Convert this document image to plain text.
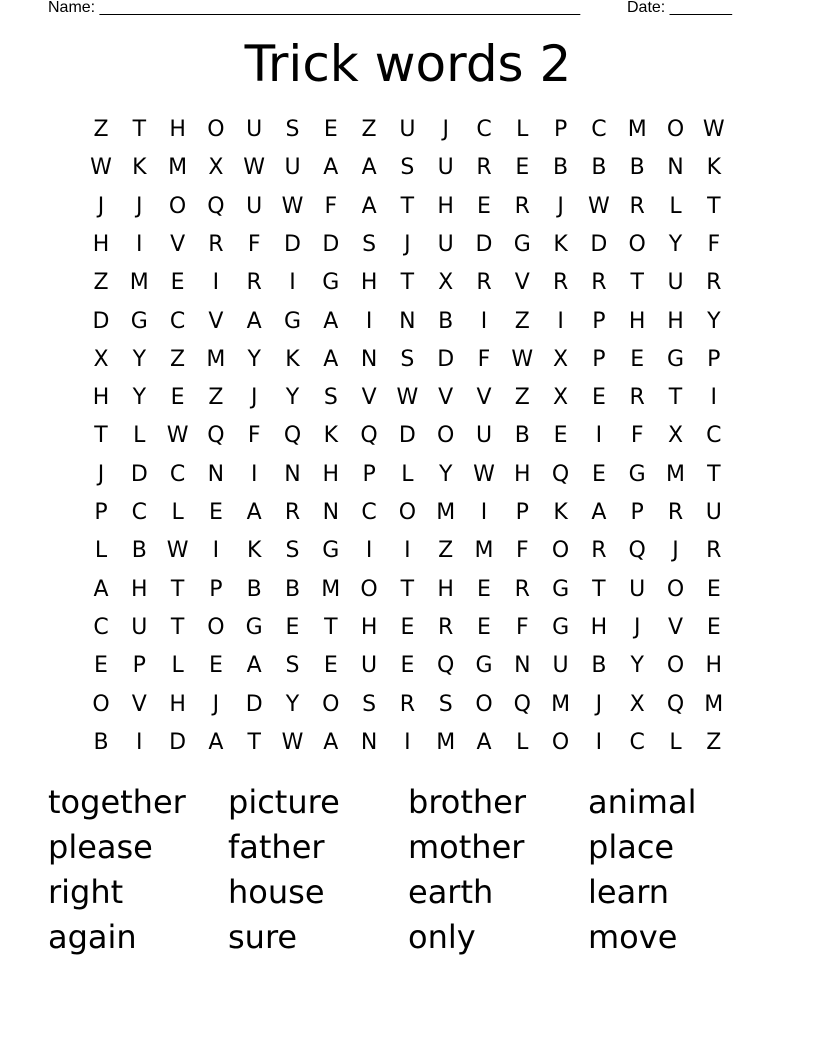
Name: ______________________________________________________	Date: _______
Trick words 2
Z	T	H O U	S	E	Z	U	J	C	L	P	C M O W
W K M X W U	A	A	S	U	R	E	B	B	B	N	K
J	J	O Q U W F	A	T	H	E	R	J	W R	L	T
H	I	V	R	F	D D	S	J	U D G	K	D O	Y	F
Z M E	I	R	I	G H	T	X	R	V	R	R	T	U	R
D G	C	V	A	G	A	I	N	B	I	Z	I	P	H H	Y
X	Y	Z M	Y	K	A	N	S	D	F W X	P	E	G	P
H	Y	E	Z	J	Y	S	V W V	V	Z	X	E	R	T	I
T	L W Q	F	Q	K	Q D O U	B	E	I	F	X	C
J	D	C	N	I	N H	P	L	Y W H Q	E	G M	T
P	C	L	E	A	R	N	C O M	I	P	K	A	P	R	U
L	B W	I	K	S	G	I	I	Z M	F	O R Q	J	R
A	H	T	P	B	B M O	T	H	E	R	G	T	U O	E
C	U	T	O G	E	T	H	E	R	E	F	G H	J	V	E
E	P	L	E	A	S	E	U	E	Q G N	U	B	Y	O H
O	V	H	J	D	Y	O	S	R	S	O Q M	J	X	Q M
B	I	D	A	T W A	N	I	M A	L	O	I	C	L	Z
together	picture	brother	animal
please	father	mother	place
right	house	earth	learn
again	sure	only	move
